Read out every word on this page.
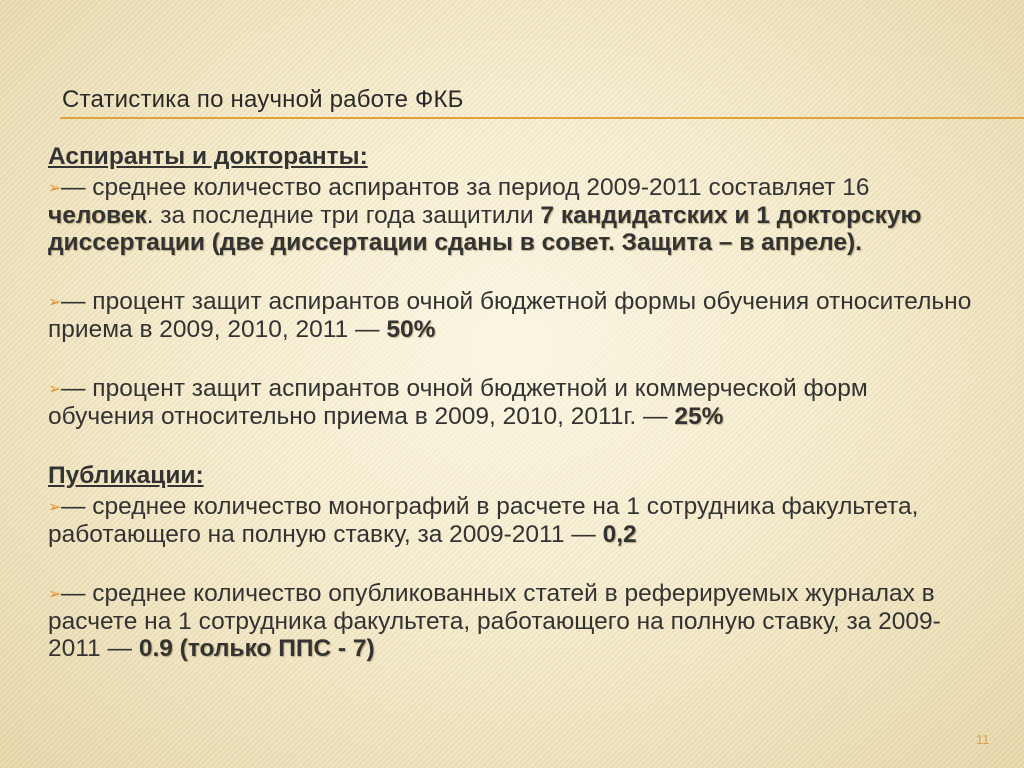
Статистика по научной работе ФКБ

Аспиранты и докторанты:

➢— среднее количество аспирантов за период 2009-2011 составляет 16 человек. за последние три года защитили 7 кандидатских и 1 докторскую диссертации (две диссертации сданы в совет. Защита – в апреле).

➢— процент защит аспирантов очной бюджетной формы обучения относительно приема в 2009, 2010, 2011 — 50%

➢— процент защит аспирантов очной бюджетной и коммерческой форм обучения относительно приема в 2009, 2010, 2011г. — 25%

Публикации:

➢— среднее количество монографий в расчете на 1 сотрудника факультета, работающего на полную ставку, за 2009-2011 — 0,2

➢— среднее количество опубликованных статей в реферируемых журналах в расчете на 1 сотрудника факультета, работающего на полную ставку, за 2009-2011 — 0.9 (только ППС - 7)

11
